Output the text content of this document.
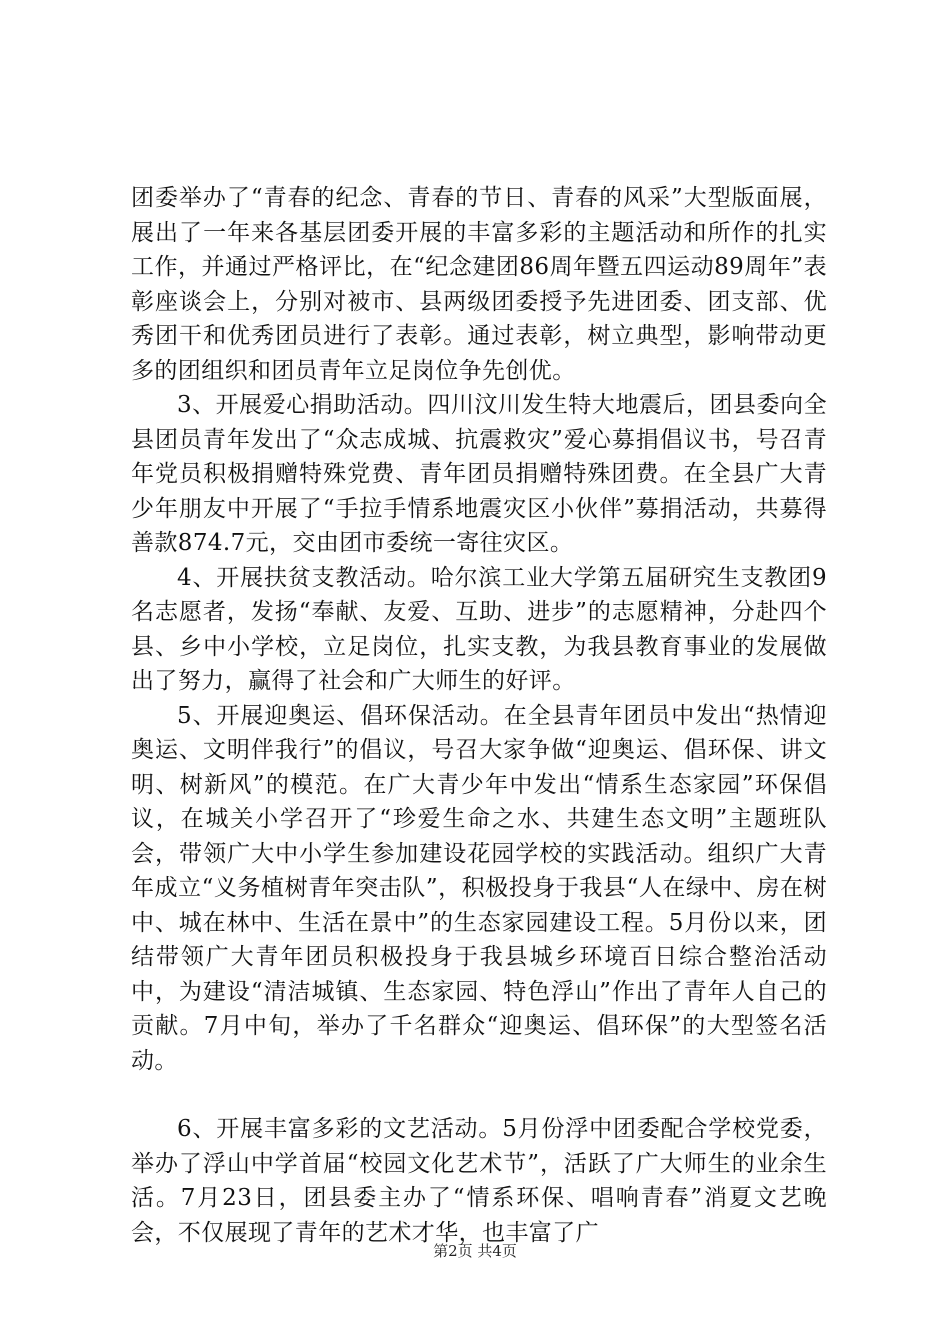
团委举办了“青春的纪念、青春的节日、青春的风采”大型版面展，展出了一年来各基层团委开展的丰富多彩的主题活动和所作的扎实工作，并通过严格评比，在“纪念建团86周年暨五四运动89周年”表彰座谈会上，分别对被市、县两级团委授予先进团委、团支部、优秀团干和优秀团员进行了表彰。通过表彰，树立典型，影响带动更多的团组织和团员青年立足岗位争先创优。

3、开展爱心捐助活动。四川汶川发生特大地震后，团县委向全县团员青年发出了“众志成城、抗震救灾”爱心募捐倡议书，号召青年党员积极捐赠特殊党费、青年团员捐赠特殊团费。在全县广大青少年朋友中开展了“手拉手情系地震灾区小伙伴”募捐活动，共募得善款874.7元，交由团市委统一寄往灾区。

4、开展扶贫支教活动。哈尔滨工业大学第五届研究生支教团9名志愿者，发扬“奉献、友爱、互助、进步”的志愿精神，分赴四个县、乡中小学校，立足岗位，扎实支教，为我县教育事业的发展做出了努力，赢得了社会和广大师生的好评。

5、开展迎奥运、倡环保活动。在全县青年团员中发出“热情迎奥运、文明伴我行”的倡议，号召大家争做“迎奥运、倡环保、讲文明、树新风”的模范。在广大青少年中发出“情系生态家园”环保倡议，在城关小学召开了“珍爱生命之水、共建生态文明”主题班队会，带领广大中小学生参加建设花园学校的实践活动。组织广大青年成立“义务植树青年突击队”，积极投身于我县“人在绿中、房在树中、城在林中、生活在景中”的生态家园建设工程。5月份以来，团结带领广大青年团员积极投身于我县城乡环境百日综合整治活动中，为建设“清洁城镇、生态家园、特色浮山”作出了青年人自己的贡献。7月中旬，举办了千名群众“迎奥运、倡环保”的大型签名活动。

6、开展丰富多彩的文艺活动。5月份浮中团委配合学校党委，举办了浮山中学首届“校园文化艺术节”，活跃了广大师生的业余生活。7月23日，团县委主办了“情系环保、唱响青春”消夏文艺晚会，不仅展现了青年的艺术才华，也丰富了广

第2页 共4页
